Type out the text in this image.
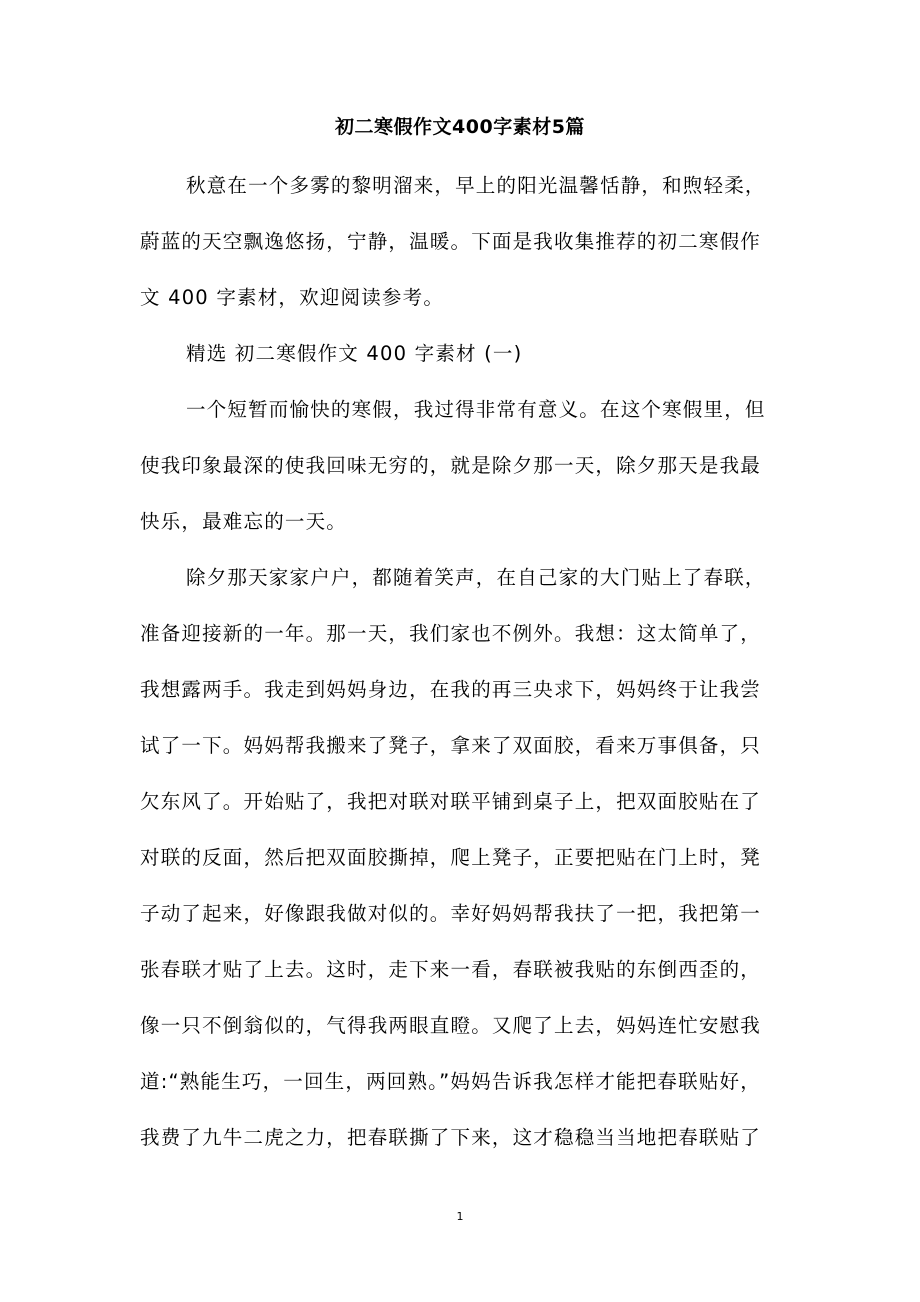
初二寒假作文400字素材5篇
秋意在一个多雾的黎明溜来，早上的阳光温馨恬静，和煦轻柔，
蔚蓝的天空飘逸悠扬，宁静，温暖。下面是我收集推荐的初二寒假作
文 400 字素材，欢迎阅读参考。
精选 初二寒假作文 400 字素材 (一)
一个短暂而愉快的寒假，我过得非常有意义。在这个寒假里，但
使我印象最深的使我回味无穷的，就是除夕那一天，除夕那天是我最
快乐，最难忘的一天。
除夕那天家家户户，都随着笑声，在自己家的大门贴上了春联，
准备迎接新的一年。那一天，我们家也不例外。我想：这太简单了，
我想露两手。我走到妈妈身边，在我的再三央求下，妈妈终于让我尝
试了一下。妈妈帮我搬来了凳子，拿来了双面胶，看来万事俱备，只
欠东风了。开始贴了，我把对联对联平铺到桌子上，把双面胶贴在了
对联的反面，然后把双面胶撕掉，爬上凳子，正要把贴在门上时，凳
子动了起来，好像跟我做对似的。幸好妈妈帮我扶了一把，我把第一
张春联才贴了上去。这时，走下来一看，春联被我贴的东倒西歪的，
像一只不倒翁似的，气得我两眼直瞪。又爬了上去，妈妈连忙安慰我
道:“熟能生巧，一回生，两回熟。”妈妈告诉我怎样才能把春联贴好，
我费了九牛二虎之力，把春联撕了下来，这才稳稳当当地把春联贴了
1
